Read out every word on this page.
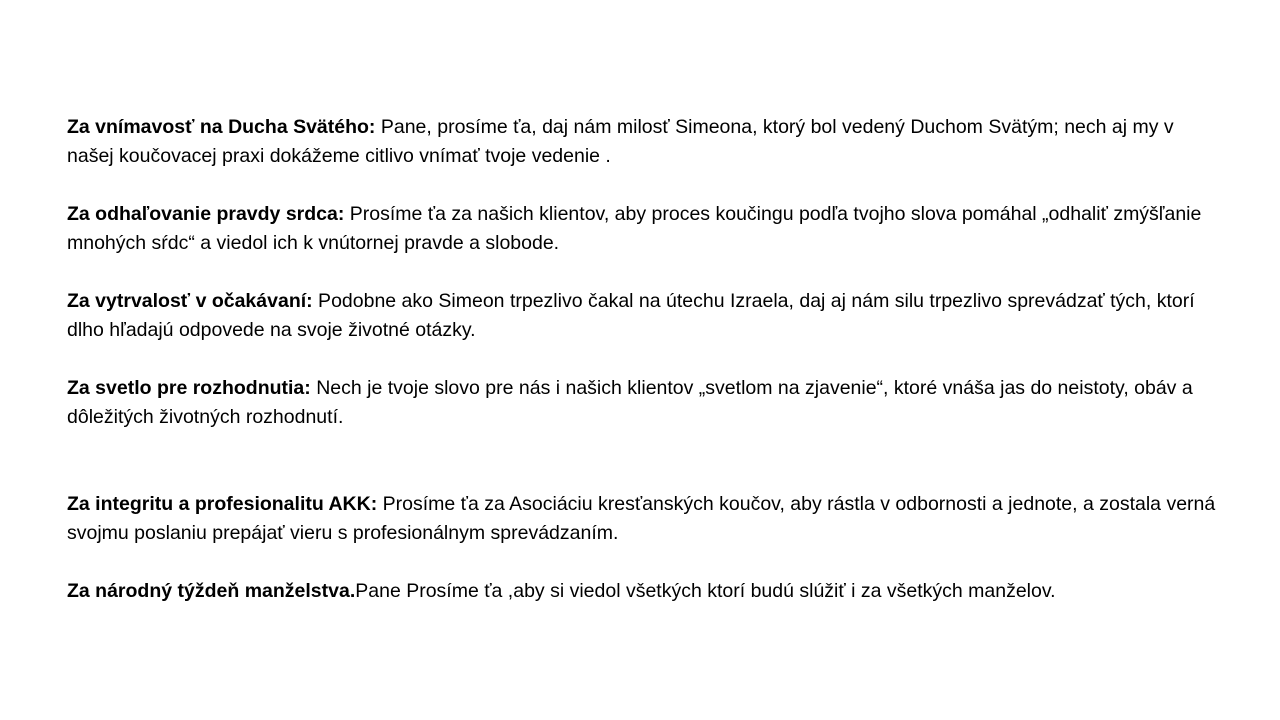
Za vnímavosť na Ducha Svätého: Pane, prosíme ťa, daj nám milosť Simeona, ktorý bol vedený Duchom Svätým; nech aj my v našej koučovacej praxi dokážeme citlivo vnímať tvoje vedenie .

Za odhaľovanie pravdy srdca: Prosíme ťa za našich klientov, aby proces koučingu podľa tvojho slova pomáhal „odhaliť zmýšľanie mnohých sŕdc“ a viedol ich k vnútornej pravde a slobode.

Za vytrvalosť v očakávaní: Podobne ako Simeon trpezlivo čakal na útechu Izraela, daj aj nám silu trpezlivo sprevádzať tých, ktorí dlho hľadajú odpovede na svoje životné otázky.

Za svetlo pre rozhodnutia: Nech je tvoje slovo pre nás i našich klientov „svetlom na zjavenie“, ktoré vnáša jas do neistoty, obáv a dôležitých životných rozhodnutí.

Za integritu a profesionalitu AKK: Prosíme ťa za Asociáciu kresťanských koučov, aby rástla v odbornosti a jednote, a zostala verná svojmu poslaniu prepájať vieru s profesionálnym sprevádzaním.

Za národný týždeň manželstva.Pane Prosíme ťa ,aby si viedol všetkých ktorí budú slúžiť i za všetkých manželov.
